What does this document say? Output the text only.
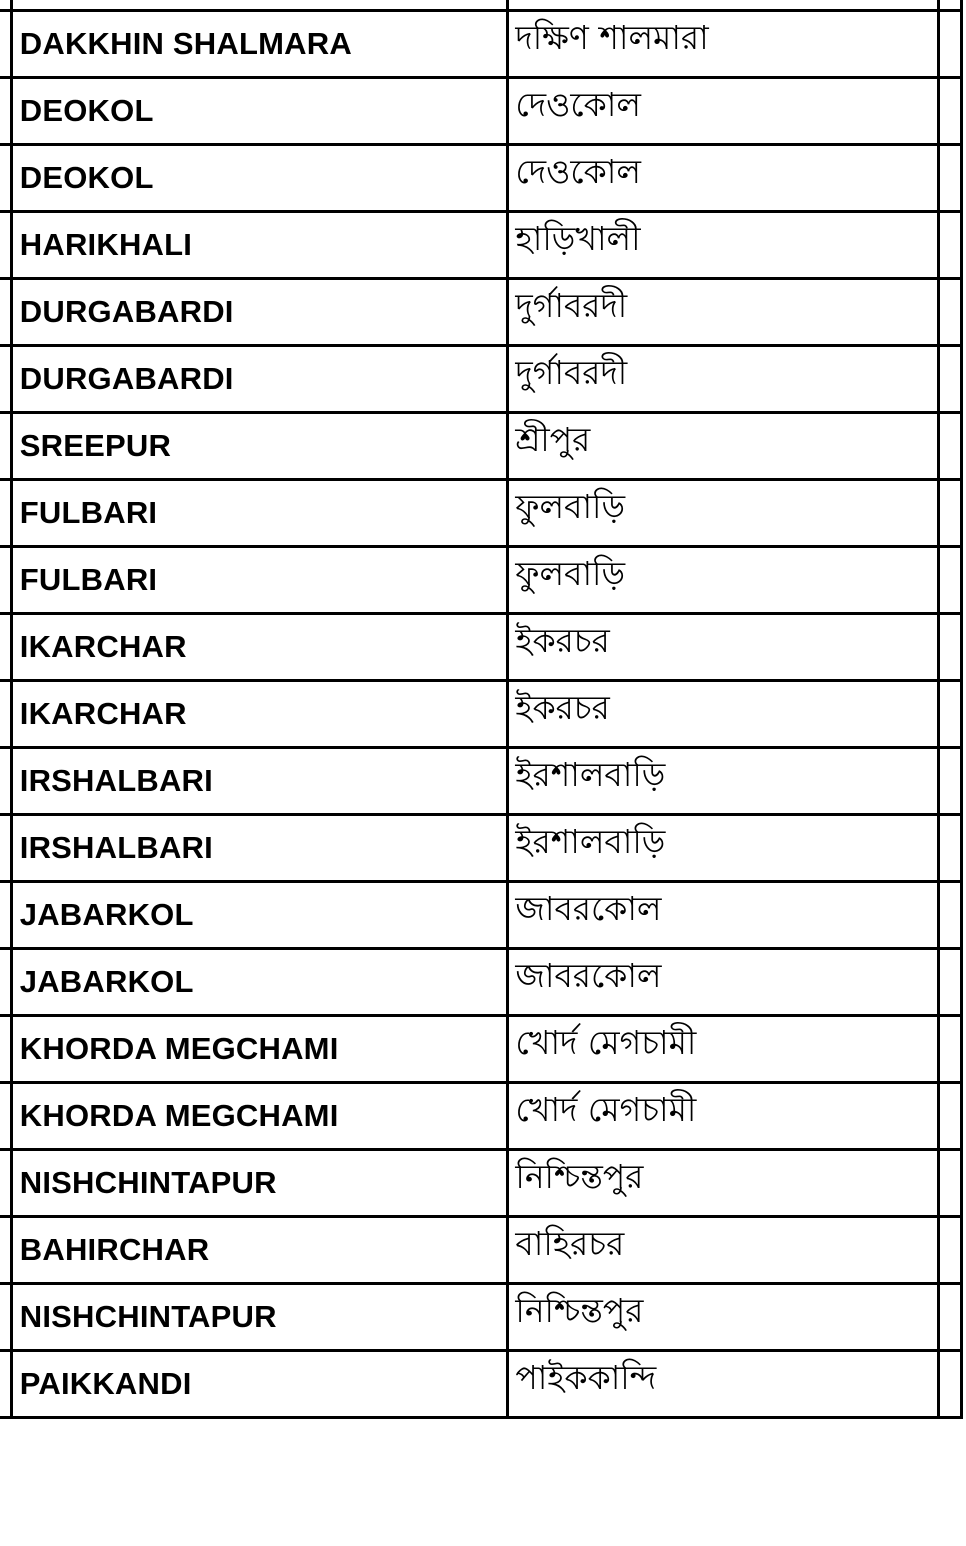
	DAKKHIN SHALMARA	দক্ষিণ শালমারা	

	DEOKOL	দেওকোল	

	DEOKOL	দেওকোল	

	HARIKHALI	হাড়িখালী	

	DURGABARDI	দুর্গাবরদী	

	DURGABARDI	দুর্গাবরদী	

	SREEPUR	শ্রীপুর	

	FULBARI	ফুলবাড়ি	

	FULBARI	ফুলবাড়ি	

	IKARCHAR	ইকরচর	

	IKARCHAR	ইকরচর	

	IRSHALBARI	ইরশালবাড়ি	

	IRSHALBARI	ইরশালবাড়ি	

	JABARKOL	জাবরকোল	

	JABARKOL	জাবরকোল	

	KHORDA MEGCHAMI	খোর্দ মেগচামী	

	KHORDA MEGCHAMI	খোর্দ মেগচামী	

	NISHCHINTAPUR	নিশ্চিন্তপুর	

	BAHIRCHAR	বাহিরচর	

	NISHCHINTAPUR	নিশ্চিন্তপুর	

	PAIKKANDI	পাইককান্দি	
